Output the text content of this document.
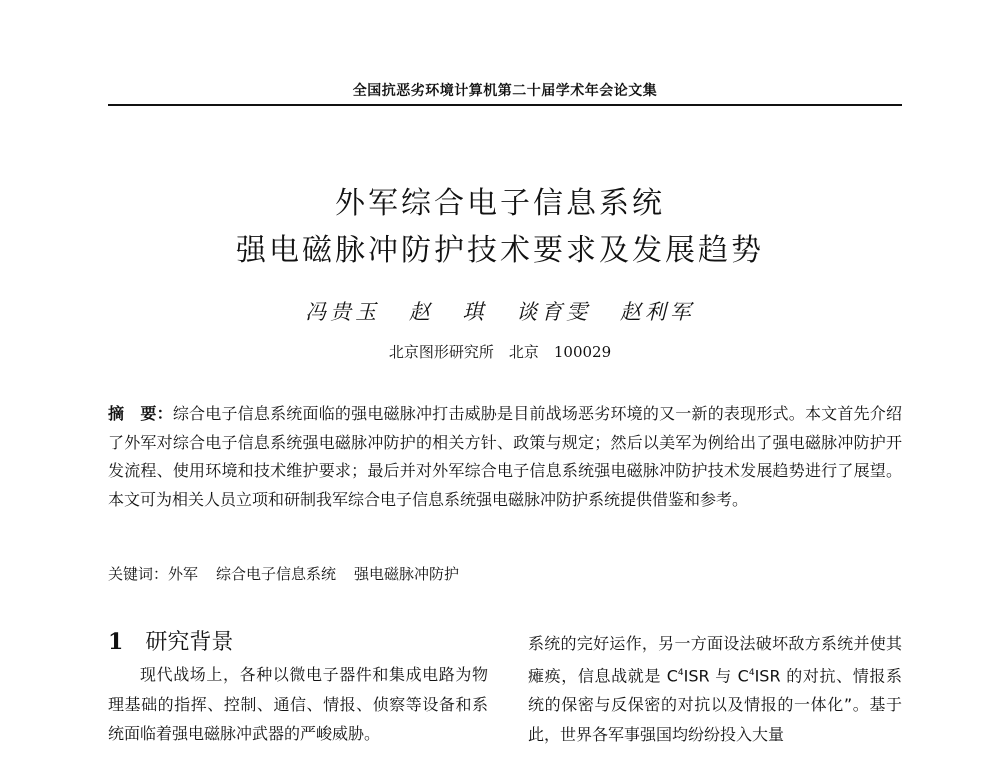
全国抗恶劣环境计算机第二十届学术年会论文集
外军综合电子信息系统
强电磁脉冲防护技术要求及发展趋势
冯贵玉 赵 琪 谈育雯 赵利军
北京图形研究所　北京　100029
摘　要：综合电子信息系统面临的强电磁脉冲打击威胁是目前战场恶劣环境的又一新的表现形式。本文首先介绍了外军对综合电子信息系统强电磁脉冲防护的相关方针、政策与规定；然后以美军为例给出了强电磁脉冲防护开发流程、使用环境和技术维护要求；最后并对外军综合电子信息系统强电磁脉冲防护技术发展趋势进行了展望。本文可为相关人员立项和研制我军综合电子信息系统强电磁脉冲防护系统提供借鉴和参考。
关键词：外军 综合电子信息系统 强电磁脉冲防护
1 研究背景
现代战场上，各种以微电子器件和集成电路为物理基础的指挥、控制、通信、情报、侦察等设备和系统面临着强电磁脉冲武器的严峻威胁。
系统的完好运作，另一方面设法破坏敌方系统并使其瘫痪，信息战就是 $C^4ISR$ 与 $C^4ISR$ 的对抗、情报系统的保密与反保密的对抗以及情报的一体化”。基于此，世界各军事强国均纷纷投入大量
